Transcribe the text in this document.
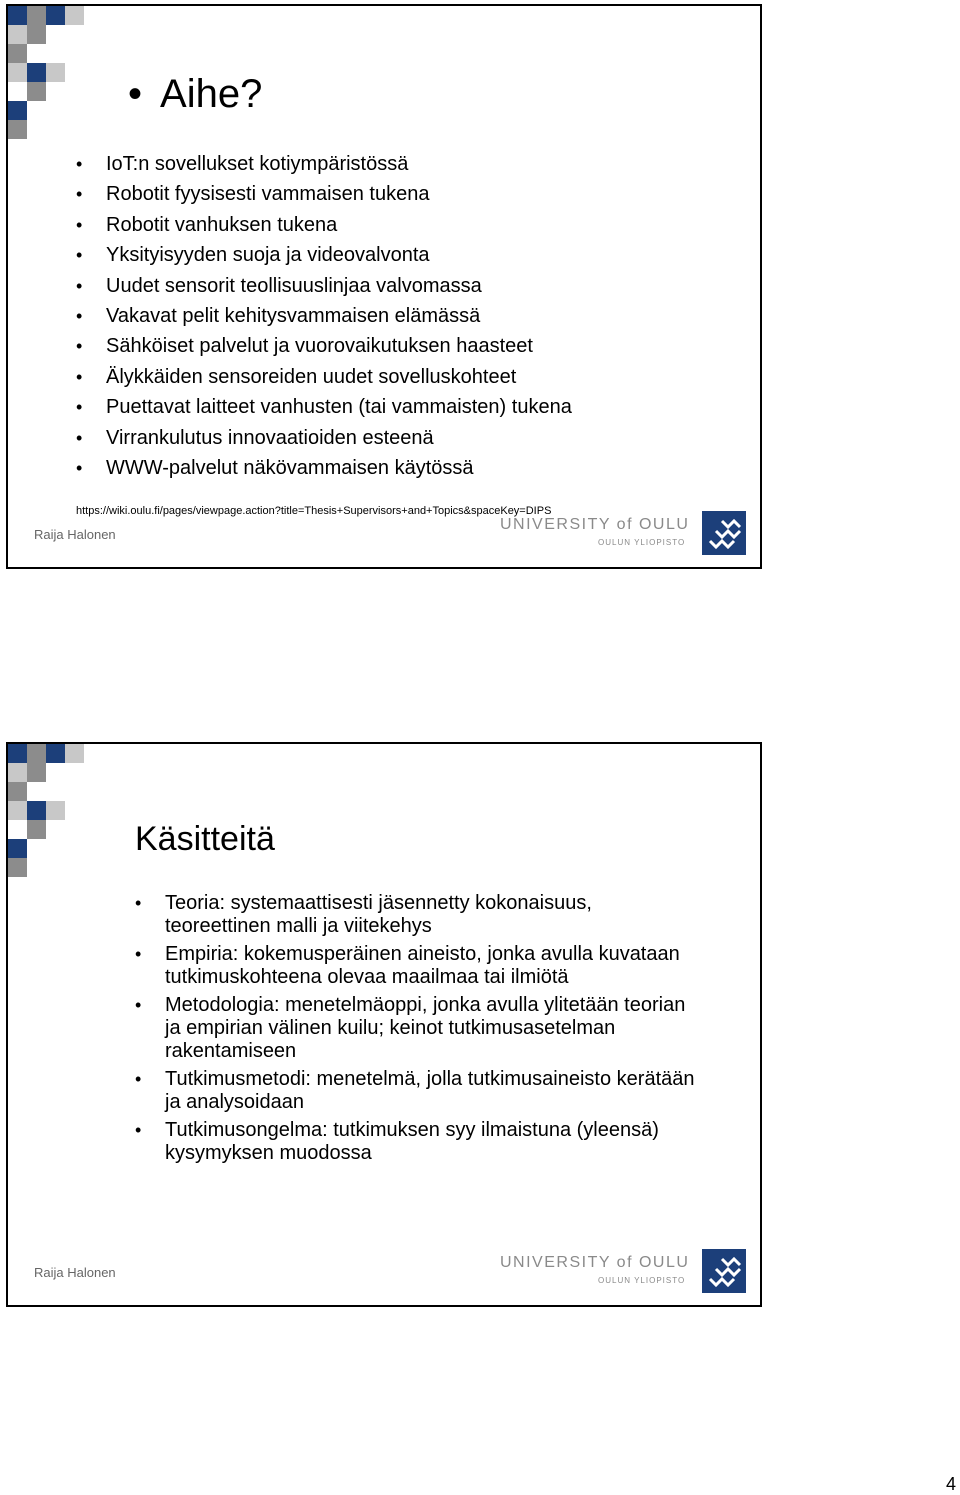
• Aihe?
• IoT:n sovellukset kotiympäristössä
• Robotit fyysisesti vammaisen tukena
• Robotit vanhuksen tukena
• Yksityisyyden suoja ja videovalvonta
• Uudet sensorit teollisuuslinjaa valvomassa
• Vakavat pelit kehitysvammaisen elämässä
• Sähköiset palvelut ja vuorovaikutuksen haasteet
• Älykkäiden sensoreiden uudet sovelluskohteet
• Puettavat laitteet vanhusten (tai vammaisten) tukena
• Virrankulutus innovaatioiden esteenä
• WWW-palvelut näkövammaisen käytössä
https://wiki.oulu.fi/pages/viewpage.action?title=Thesis+Supervisors+and+Topics&spaceKey=DIPS
Raija Halonen
UNIVERSITY of OULU
OULUN YLIOPISTO
Käsitteitä
• Teoria: systemaattisesti jäsennetty kokonaisuus, teoreettinen malli ja viitekehys
• Empiria: kokemusperäinen aineisto, jonka avulla kuvataan tutkimuskohteena olevaa maailmaa tai ilmiötä
• Metodologia: menetelmäoppi, jonka avulla ylitetään teorian ja empirian välinen kuilu; keinot tutkimusasetelman rakentamiseen
• Tutkimusmetodi: menetelmä, jolla tutkimusaineisto kerätään ja analysoidaan
• Tutkimusongelma: tutkimuksen syy ilmaistuna (yleensä) kysymyksen muodossa
Raija Halonen
UNIVERSITY of OULU
OULUN YLIOPISTO
4
